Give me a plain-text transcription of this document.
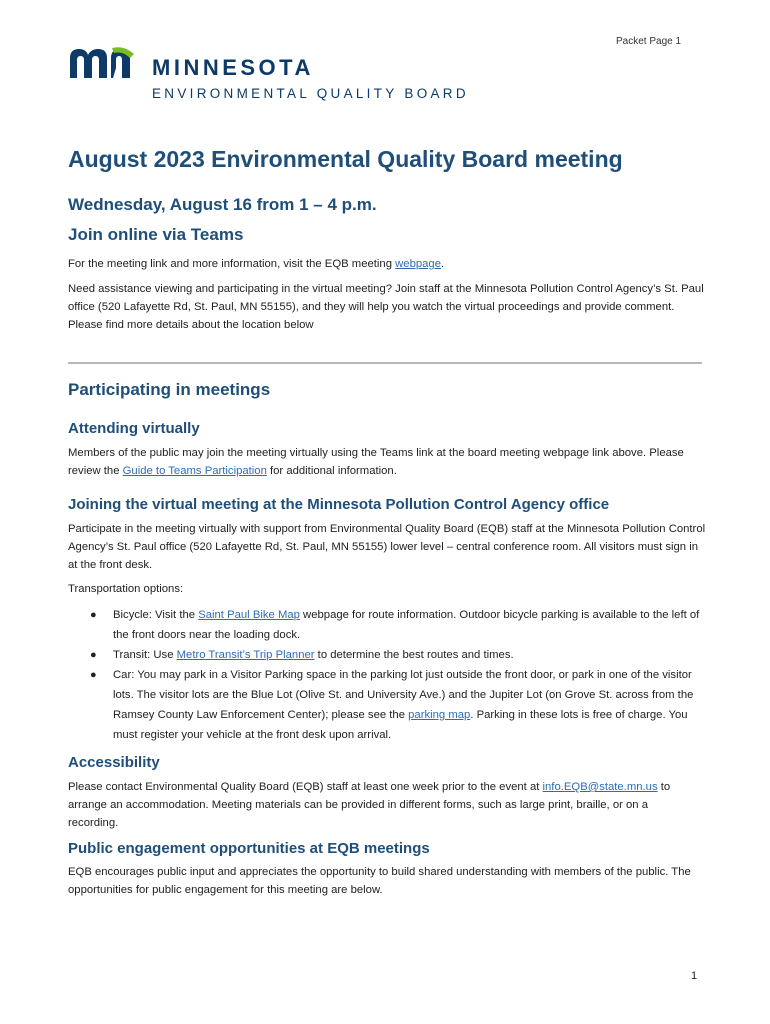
Packet Page 1
MINNESOTA
ENVIRONMENTAL QUALITY BOARD
August 2023 Environmental Quality Board meeting
Wednesday, August 16 from 1 – 4 p.m.
Join online via Teams

For the meeting link and more information, visit the EQB meeting webpage.

Need assistance viewing and participating in the virtual meeting? Join staff at the Minnesota Pollution Control Agency’s St. Paul office (520 Lafayette Rd, St. Paul, MN 55155), and they will help you watch the virtual proceedings and provide comment. Please find more details about the location below

Participating in meetings
Attending virtually

Members of the public may join the meeting virtually using the Teams link at the board meeting webpage link above. Please review the Guide to Teams Participation for additional information.

Joining the virtual meeting at the Minnesota Pollution Control Agency office

Participate in the meeting virtually with support from Environmental Quality Board (EQB) staff at the Minnesota Pollution Control Agency’s St. Paul office (520 Lafayette Rd, St. Paul, MN 55155) lower level – central conference room. All visitors must sign in at the front desk.

Transportation options:

● Bicycle: Visit the Saint Paul Bike Map webpage for route information. Outdoor bicycle parking is available to the left of the front doors near the loading dock.
● Transit: Use Metro Transit’s Trip Planner to determine the best routes and times.
● Car: You may park in a Visitor Parking space in the parking lot just outside the front door, or park in one of the visitor lots. The visitor lots are the Blue Lot (Olive St. and University Ave.) and the Jupiter Lot (on Grove St. across from the Ramsey County Law Enforcement Center); please see the parking map. Parking in these lots is free of charge. You must register your vehicle at the front desk upon arrival.
Accessibility

Please contact Environmental Quality Board (EQB) staff at least one week prior to the event at info.EQB@state.mn.us to arrange an accommodation. Meeting materials can be provided in different forms, such as large print, braille, or on a recording.

Public engagement opportunities at EQB meetings

EQB encourages public input and appreciates the opportunity to build shared understanding with members of the public. The opportunities for public engagement for this meeting are below.

1
